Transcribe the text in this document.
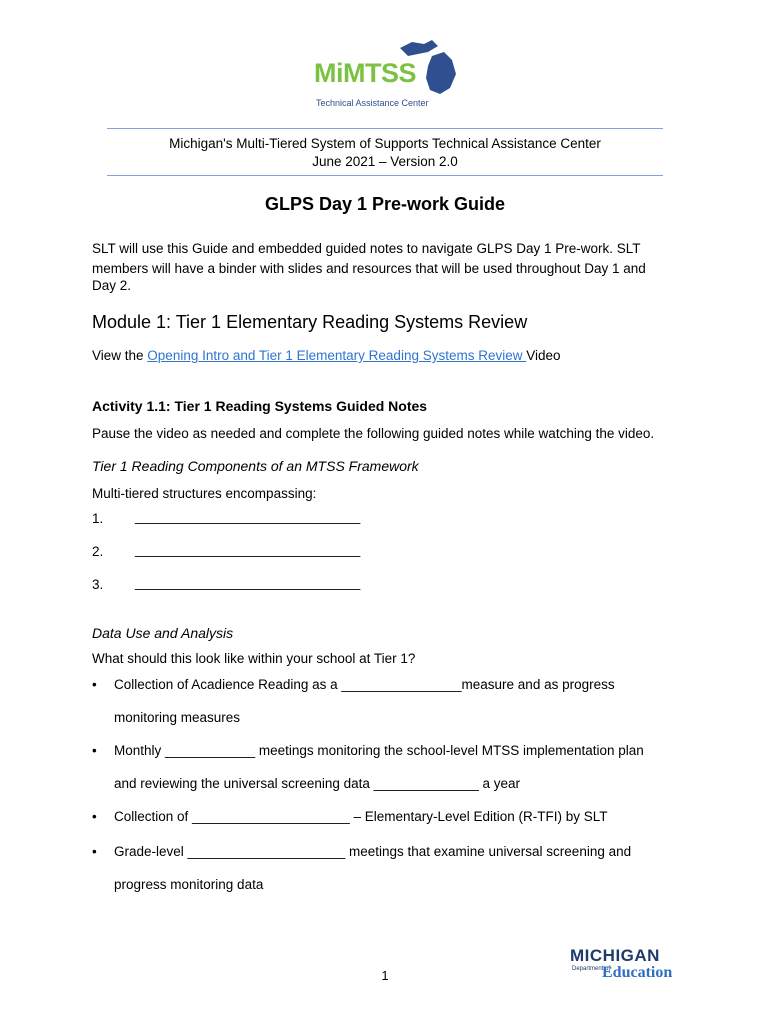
MiMTSS
Technical Assistance Center
Michigan's Multi-Tiered System of Supports Technical Assistance Center
June 2021 – Version 2.0
GLPS Day 1 Pre-work Guide
SLT will use this Guide and embedded guided notes to navigate GLPS Day 1 Pre-work. SLT
members will have a binder with slides and resources that will be used throughout Day 1 and
Day 2.
Module 1: Tier 1 Elementary Reading Systems Review
View the Opening Intro and Tier 1 Elementary Reading Systems Review Video
Activity 1.1: Tier 1 Reading Systems Guided Notes
Pause the video as needed and complete the following guided notes while watching the video.
Tier 1 Reading Components of an MTSS Framework
Multi-tiered structures encompassing:
1. ______________________________
2. ______________________________
3. ______________________________
Data Use and Analysis
What should this look like within your school at Tier 1?
• Collection of Acadience Reading as a ________________measure and as progress
monitoring measures
• Monthly ____________ meetings monitoring the school-level MTSS implementation plan
and reviewing the universal screening data ______________ a year
• Collection of _____________________ – Elementary-Level Edition (R-TFI) by SLT
• Grade-level _____________________ meetings that examine universal screening and
progress monitoring data
1
MICHIGAN
Department of
Education
